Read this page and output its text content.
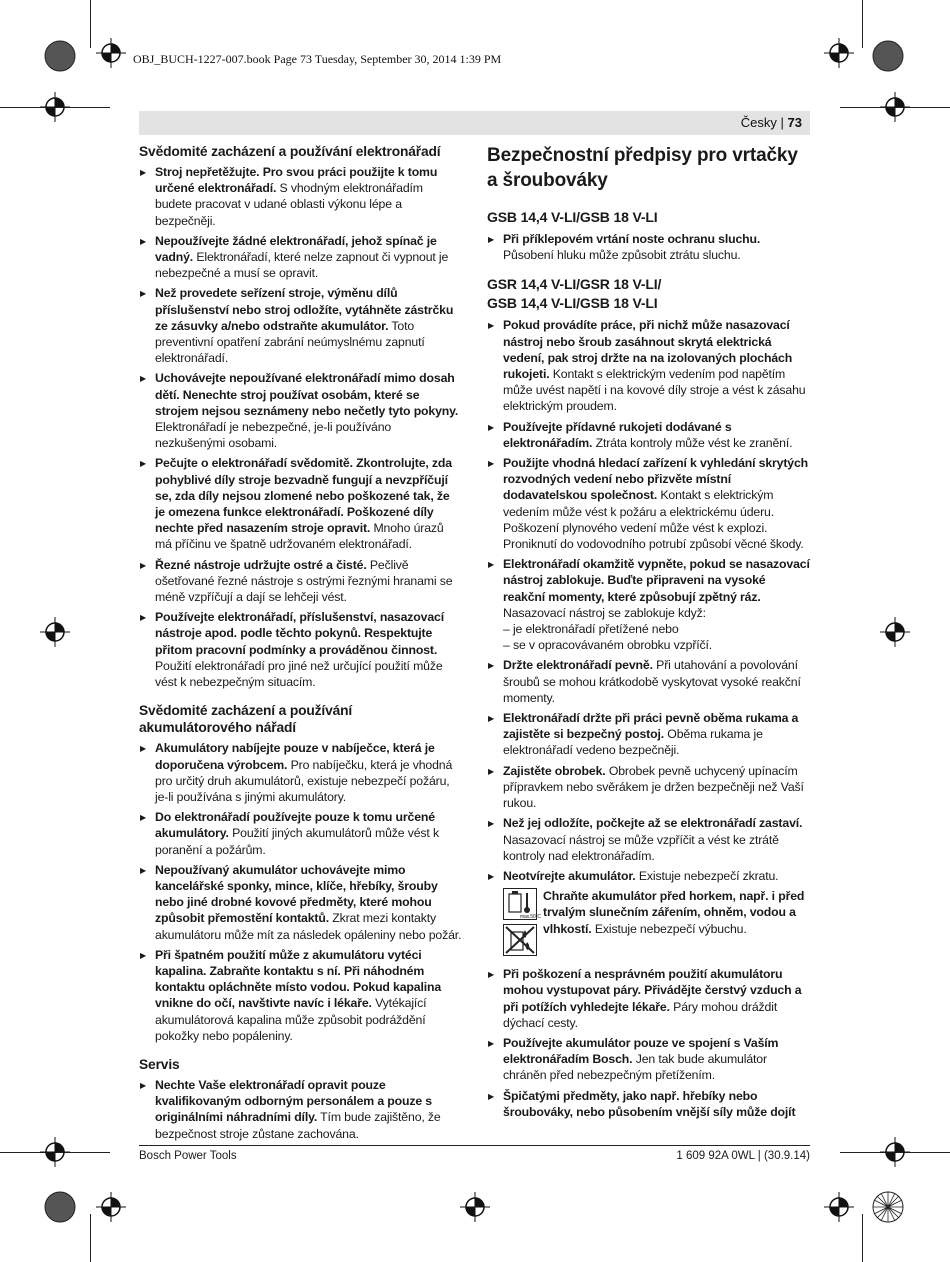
OBJ_BUCH-1227-007.book Page 73 Tuesday, September 30, 2014 1:39 PM
Česky | 73
Svědomité zacházení a používání elektronářadí
▶ Stroj nepřetěžujte. Pro svou práci použijte k tomu určené elektronářadí. S vhodným elektronářadím budete pracovat v udané oblasti výkonu lépe a bezpečněji.
▶ Nepoužívejte žádné elektronářadí, jehož spínač je vadný. Elektronářadí, které nelze zapnout či vypnout je nebezpečné a musí se opravit.
▶ Než provedete seřízení stroje, výměnu dílů příslušenství nebo stroj odložíte, vytáhněte zástrčku ze zásuvky a/nebo odstraňte akumulátor. Toto preventivní opatření zabrání neúmyslnému zapnutí elektronářadí.
▶ Uchovávejte nepoužívané elektronářadí mimo dosah dětí. Nenechte stroj používat osobám, které se strojem nejsou seznámeny nebo nečetly tyto pokyny. Elektronářadí je nebezpečné, je-li používáno nezkušenými osobami.
▶ Pečujte o elektronářadí svědomitě. Zkontrolujte, zda pohyblivé díly stroje bezvadně fungují a nevzpříčují se, zda díly nejsou zlomené nebo poškozené tak, že je omezena funkce elektronářadí. Poškozené díly nechte před nasazením stroje opravit. Mnoho úrazů má příčinu ve špatně udržovaném elektronářadí.
▶ Řezné nástroje udržujte ostré a čisté. Pečlivě ošetřované řezné nástroje s ostrými řeznými hranami se méně vzpříčují a dají se lehčeji vést.
▶ Používejte elektronářadí, příslušenství, nasazovací nástroje apod. podle těchto pokynů. Respektujte přitom pracovní podmínky a prováděnou činnost. Použití elektronářadí pro jiné než určující použití může vést k nebezpečným situacím.
Svědomité zacházení a používání akumulátorového nářadí
▶ Akumulátory nabíjejte pouze v nabíječce, která je doporučena výrobcem. Pro nabíječku, která je vhodná pro určitý druh akumulátorů, existuje nebezpečí požáru, je-li používána s jinými akumulátory.
▶ Do elektronářadí používejte pouze k tomu určené akumulátory. Použití jiných akumulátorů může vést k poranění a požárům.
▶ Nepoužívaný akumulátor uchovávejte mimo kancelářské sponky, mince, klíče, hřebíky, šrouby nebo jiné drobné kovové předměty, které mohou způsobit přemostění kontaktů. Zkrat mezi kontakty akumulátoru může mít za následek opáleniny nebo požár.
▶ Při špatném použití může z akumulátoru vytéci kapalina. Zabraňte kontaktu s ní. Při náhodném kontaktu opláchněte místo vodou. Pokud kapalina vnikne do očí, navštivte navíc i lékaře. Vytékající akumulátorová kapalina může způsobit podráždění pokožky nebo popáleniny.
Servis
▶ Nechte Vaše elektronářadí opravit pouze kvalifikovaným odborným personálem a pouze s originálními náhradními díly. Tím bude zajištěno, že bezpečnost stroje zůstane zachována.
Bezpečnostní předpisy pro vrtačky a šroubováky
GSB 14,4 V-LI/GSB 18 V-LI
▶ Při příklepovém vrtání noste ochranu sluchu. Působení hluku může způsobit ztrátu sluchu.
GSR 14,4 V-LI/GSR 18 V-LI/
GSB 14,4 V-LI/GSB 18 V-LI
▶ Pokud provádíte práce, při nichž může nasazovací nástroj nebo šroub zasáhnout skrytá elektrická vedení, pak stroj držte na na izolovaných plochách rukojeti. Kontakt s elektrickým vedením pod napětím může uvést napětí i na kovové díly stroje a vést k zásahu elektrickým proudem.
▶ Používejte přídavné rukojeti dodávané s elektronářadím. Ztráta kontroly může vést ke zranění.
▶ Použijte vhodná hledací zařízení k vyhledání skrytých rozvodných vedení nebo přizvěte místní dodavatelskou společnost. Kontakt s elektrickým vedením může vést k požáru a elektrickému úderu. Poškození plynového vedení může vést k explozi. Proniknutí do vodovodního potrubí způsobí věcné škody.
▶ Elektronářadí okamžitě vypněte, pokud se nasazovací nástroj zablokuje. Buďte připraveni na vysoké reakční momenty, které způsobují zpětný ráz. Nasazovací nástroj se zablokuje když:
– je elektronářadí přetížené nebo
– se v opracovávaném obrobku vzpříčí.
▶ Držte elektronářadí pevně. Při utahování a povolování šroubů se mohou krátkodobě vyskytovat vysoké reakční momenty.
▶ Elektronářadí držte při práci pevně oběma rukama a zajistěte si bezpečný postoj. Oběma rukama je elektronářadí vedeno bezpečněji.
▶ Zajistěte obrobek. Obrobek pevně uchycený upínacím přípravkem nebo svěrákem je držen bezpečněji než Vaší rukou.
▶ Než jej odložíte, počkejte až se elektronářadí zastaví. Nasazovací nástroj se může vzpříčit a vést ke ztrátě kontroly nad elektronářadím.
▶ Neotvírejte akumulátor. Existuje nebezpečí zkratu.
max.50°C
Chraňte akumulátor před horkem, např. i před trvalým slunečním zářením, ohněm, vodou a vlhkostí. Existuje nebezpečí výbuchu.
▶ Při poškození a nesprávném použití akumulátoru mohou vystupovat páry. Přivádějte čerstvý vzduch a při potížích vyhledejte lékaře. Páry mohou dráždit dýchací cesty.
▶ Používejte akumulátor pouze ve spojení s Vaším elektronářadím Bosch. Jen tak bude akumulátor chráněn před nebezpečným přetížením.
▶ Špičatými předměty, jako např. hřebíky nebo šroubováky, nebo působením vnější síly může dojít
Bosch Power Tools	1 609 92A 0WL | (30.9.14)
